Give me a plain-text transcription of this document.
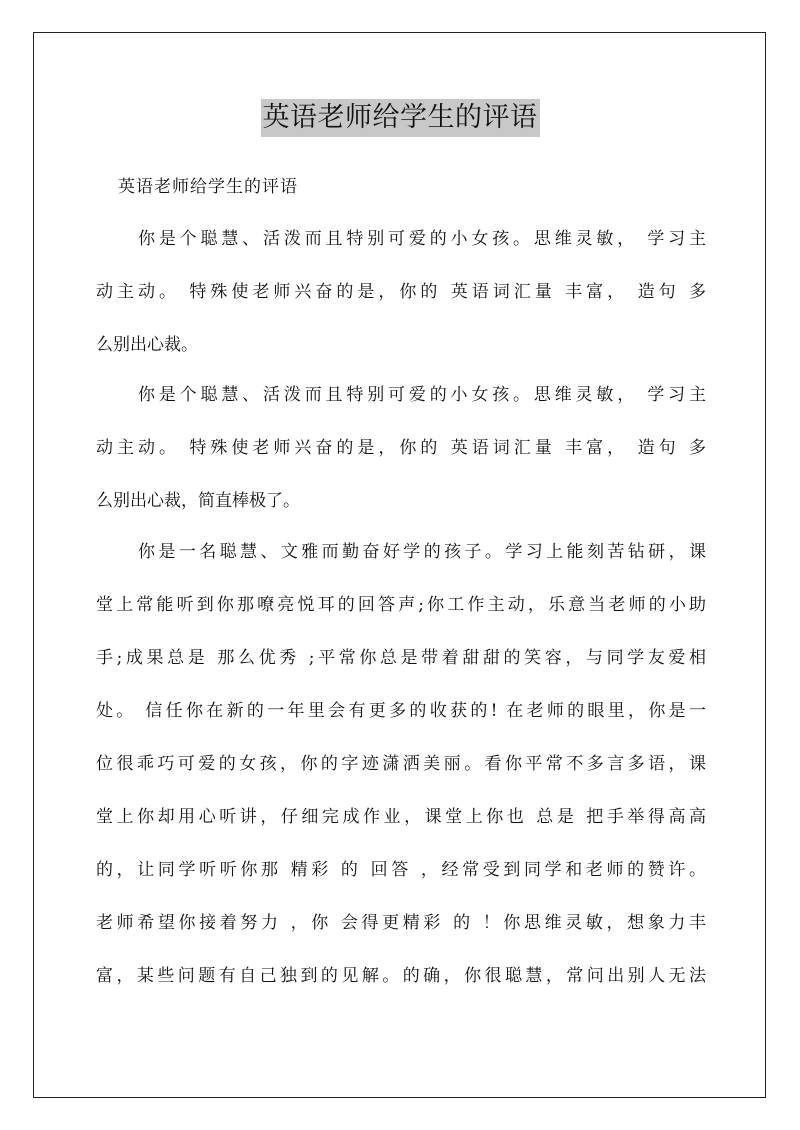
英语老师给学生的评语
英语老师给学生的评语
你是个聪慧、活泼而且特别可爱的小女孩。思维灵敏， 学习主
动主动。 特殊使老师兴奋的是，你的 英语词汇量 丰富， 造句 多
么别出心裁。
你是个聪慧、活泼而且特别可爱的小女孩。思维灵敏， 学习主
动主动。 特殊使老师兴奋的是，你的 英语词汇量 丰富， 造句 多
么别出心裁，简直棒极了。
你是一名聪慧、文雅而勤奋好学的孩子。学习上能刻苦钻研，课
堂上常能听到你那嘹亮悦耳的回答声;你工作主动，乐意当老师的小助
手;成果总是 那么优秀 ;平常你总是带着甜甜的笑容，与同学友爱相
处。 信任你在新的一年里会有更多的收获的! 在老师的眼里，你是一
位很乖巧可爱的女孩，你的字迹潇洒美丽。看你平常不多言多语，课
堂上你却用心听讲，仔细完成作业，课堂上你也 总是 把手举得高高
的，让同学听听你那 精彩 的 回答 ，经常受到同学和老师的赞许。
老师希望你接着努力 ，你 会得更精彩 的 ！你思维灵敏，想象力丰
富，某些问题有自己独到的见解。的确，你很聪慧，常问出别人无法
